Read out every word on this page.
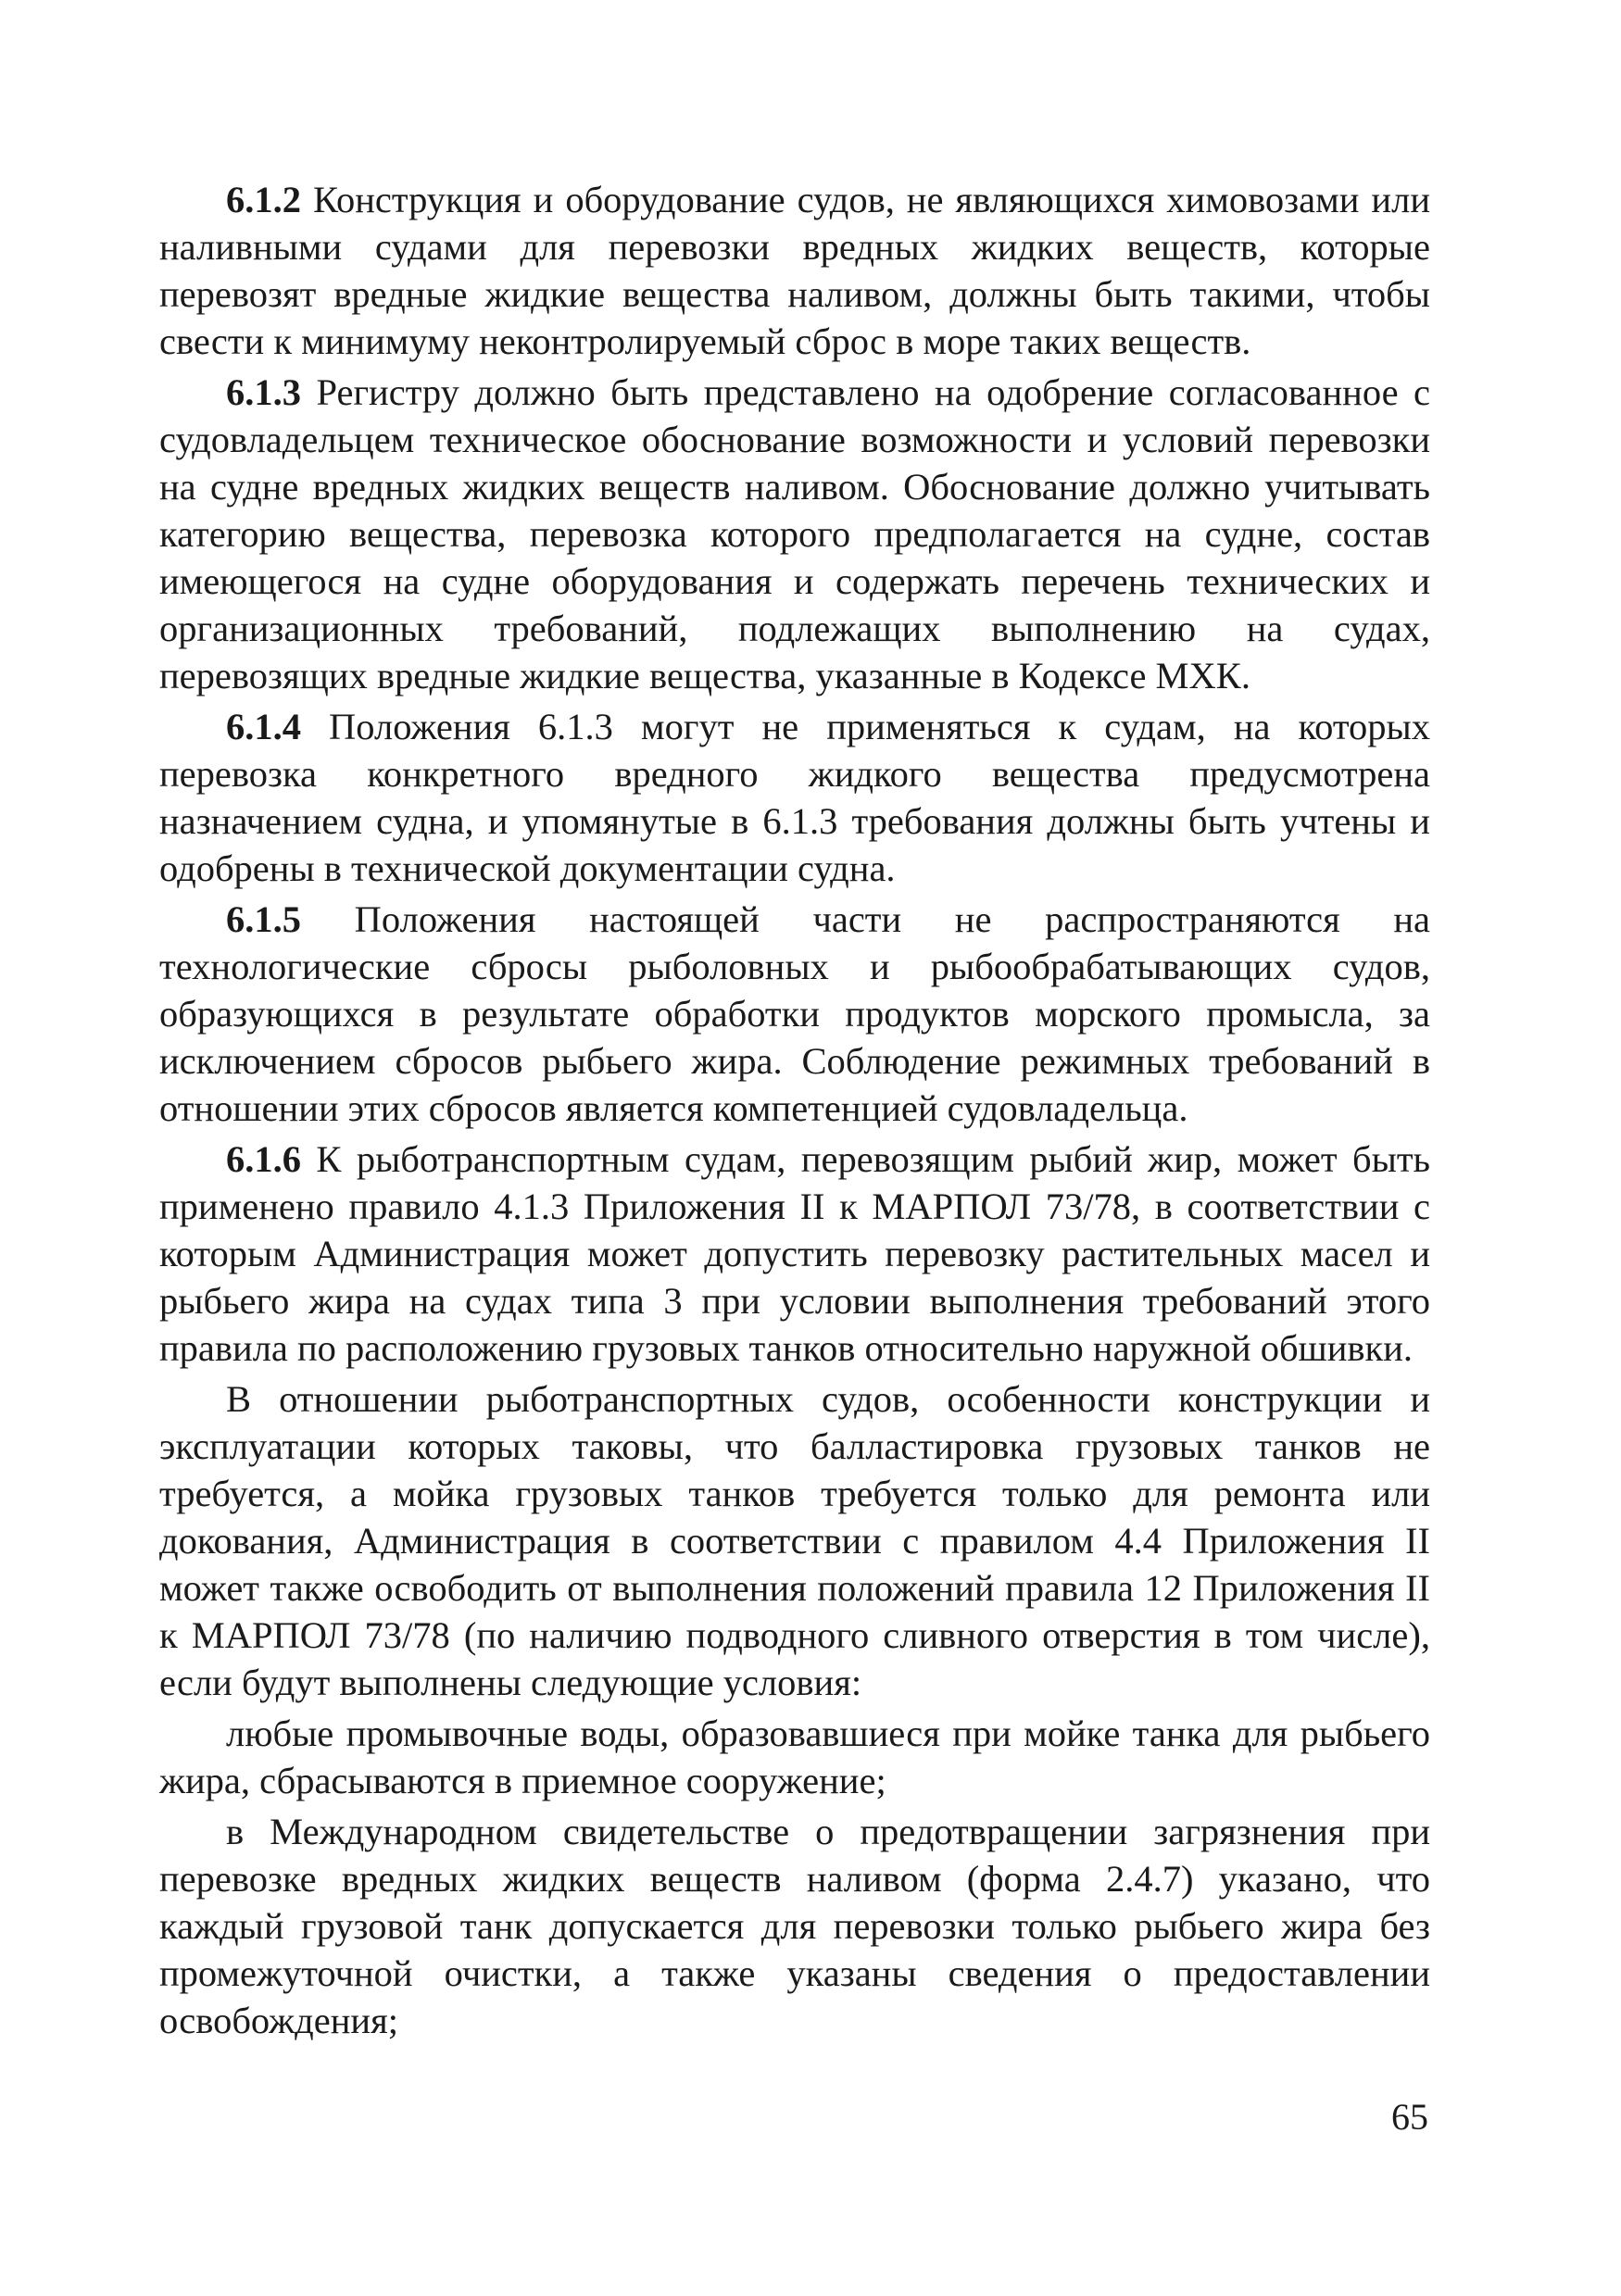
6.1.2 Конструкция и оборудование судов, не являющихся химовозами или наливными судами для перевозки вредных жидких веществ, которые перевозят вредные жидкие вещества наливом, должны быть такими, чтобы свести к минимуму неконтролируемый сброс в море таких веществ.

6.1.3 Регистру должно быть представлено на одобрение согласованное с судовладельцем техническое обоснование возможности и условий перевозки на судне вредных жидких веществ наливом. Обоснование должно учитывать категорию вещества, перевозка которого предполагается на судне, состав имеющегося на судне оборудования и содержать перечень технических и организационных требований, подлежащих выполнению на судах, перевозящих вредные жидкие вещества, указанные в Кодексе МХК.

6.1.4 Положения 6.1.3 могут не применяться к судам, на которых перевозка конкретного вредного жидкого вещества предусмотрена назначением судна, и упомянутые в 6.1.3 требования должны быть учтены и одобрены в технической документации судна.

6.1.5 Положения настоящей части не распространяются на технологические сбросы рыболовных и рыбообрабатывающих судов, образующихся в результате обработки продуктов морского промысла, за исключением сбросов рыбьего жира. Соблюдение режимных требований в отношении этих сбросов является компетенцией судовладельца.

6.1.6 К рыботранспортным судам, перевозящим рыбий жир, может быть применено правило 4.1.3 Приложения II к МАРПОЛ 73/78, в соответствии с которым Администрация может допустить перевозку растительных масел и рыбьего жира на судах типа 3 при условии выполнения требований этого правила по расположению грузовых танков относительно наружной обшивки.

В отношении рыботранспортных судов, особенности конструкции и эксплуатации которых таковы, что балластировка грузовых танков не требуется, а мойка грузовых танков требуется только для ремонта или докования, Администрация в соответствии с правилом 4.4 Приложения II может также освободить от выполнения положений правила 12 Приложения II к МАРПОЛ 73/78 (по наличию подводного сливного отверстия в том числе), если будут выполнены следующие условия:

любые промывочные воды, образовавшиеся при мойке танка для рыбьего жира, сбрасываются в приемное сооружение;

в Международном свидетельстве о предотвращении загрязнения при перевозке вредных жидких веществ наливом (форма 2.4.7) указано, что каждый грузовой танк допускается для перевозки только рыбьего жира без промежуточной очистки, а также указаны сведения о предоставлении освобождения;

65
